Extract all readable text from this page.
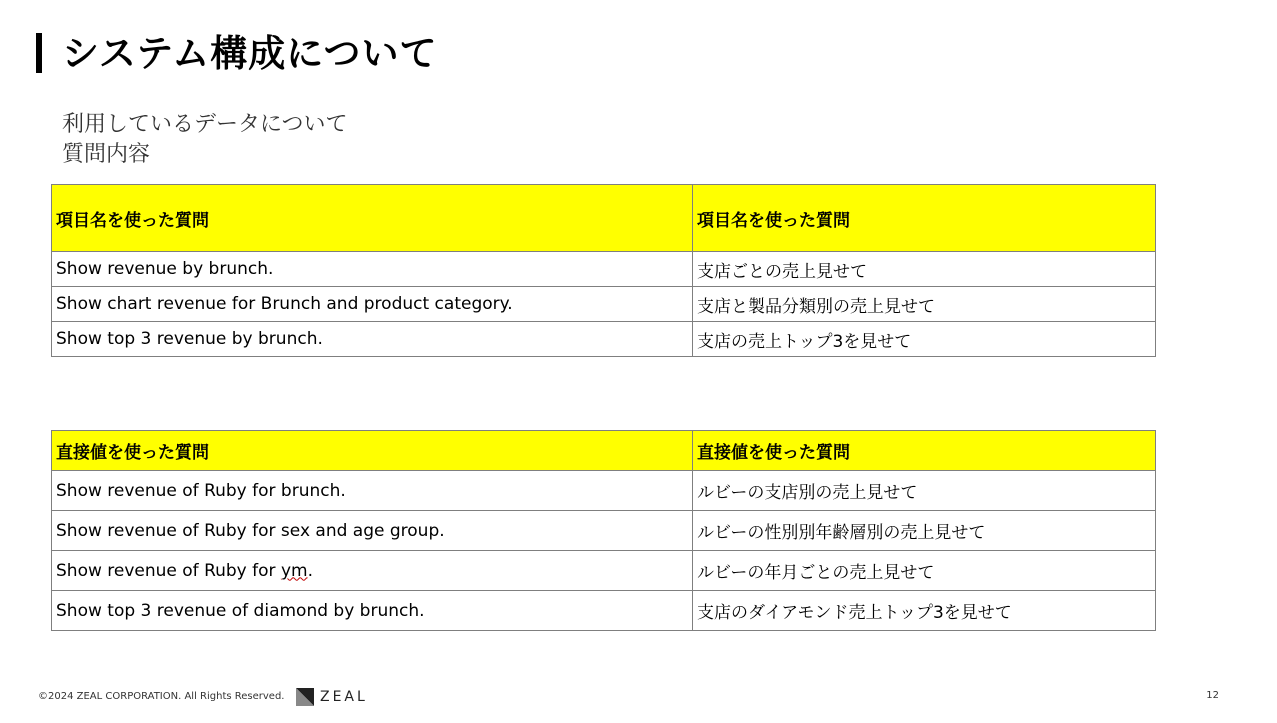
システム構成について
利用しているデータについて
質問内容
項目名を使った質問	項目名を使った質問
Show revenue by brunch.	支店ごとの売上見せて
Show chart revenue for Brunch and product category.	支店と製品分類別の売上見せて
Show top 3 revenue by brunch.	支店の売上トップ3を見せて
直接値を使った質問	直接値を使った質問
Show revenue of Ruby for brunch.	ルビーの支店別の売上見せて
Show revenue of Ruby for sex and age group.	ルビーの性別別年齢層別の売上見せて
Show revenue of Ruby for ym.	ルビーの年月ごとの売上見せて
Show top 3 revenue of diamond by brunch.	支店のダイアモンド売上トップ3を見せて
©2024 ZEAL CORPORATION. All Rights Reserved.	ZEAL	12
